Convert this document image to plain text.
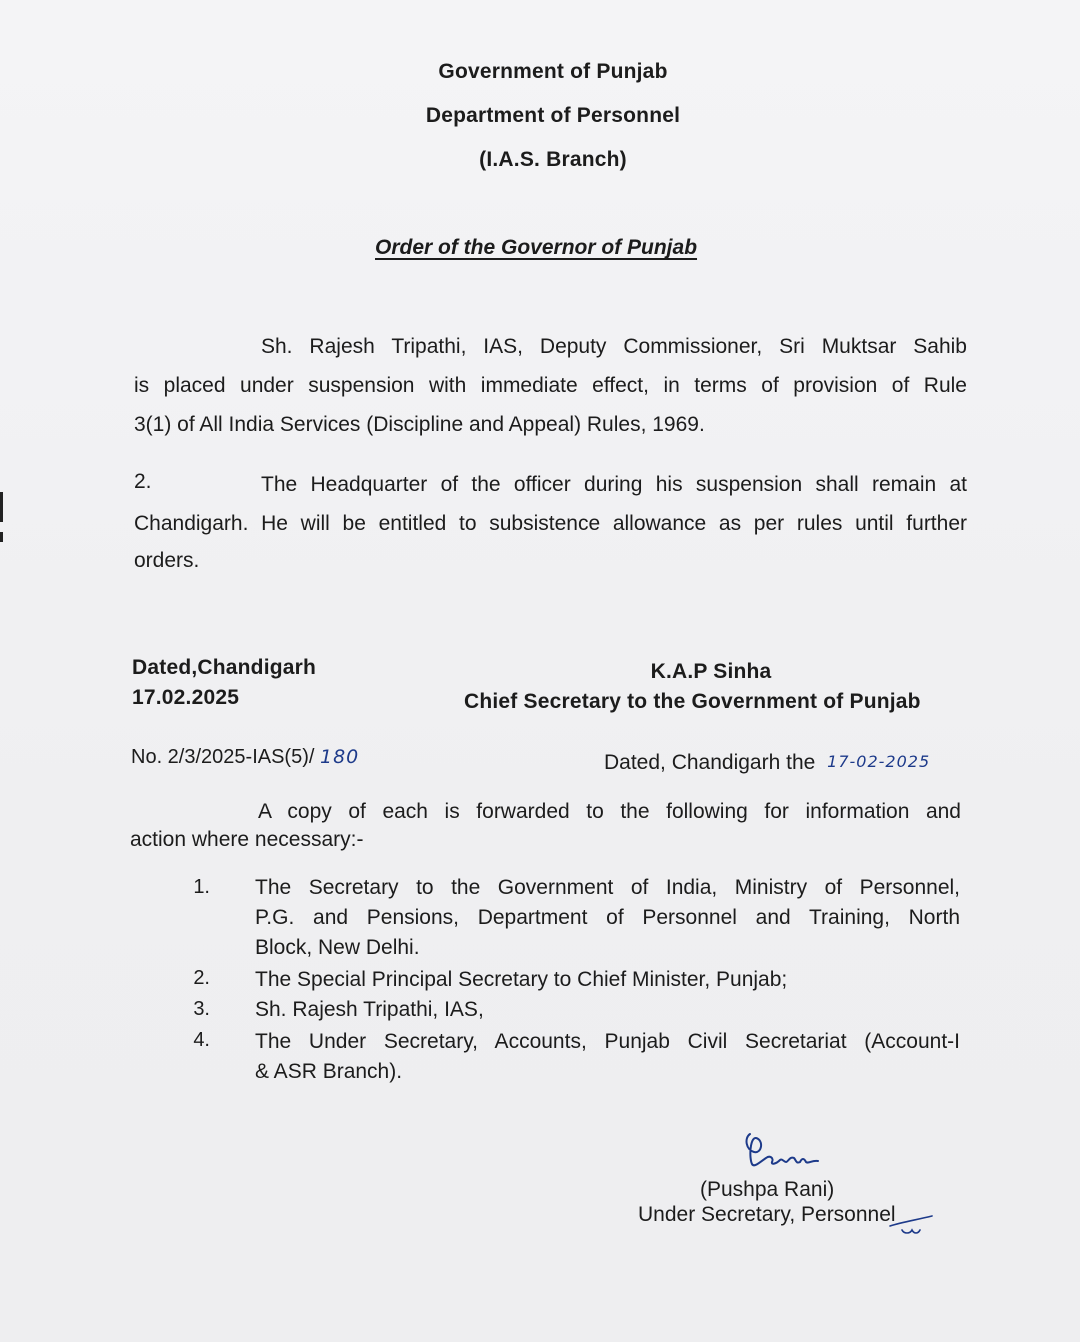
Government of Punjab
Department of Personnel
(I.A.S. Branch)
Order of the Governor of Punjab
Sh. Rajesh Tripathi, IAS, Deputy Commissioner, Sri Muktsar Sahib
is placed under suspension with immediate effect, in terms of provision of Rule
3(1) of All India Services (Discipline and Appeal) Rules, 1969.
2.	The Headquarter of the officer during his suspension shall remain at
Chandigarh. He will be entitled to subsistence allowance as per rules until further
orders.
Dated,Chandigarh
17.02.2025
K.A.P Sinha
Chief Secretary to the Government of Punjab
No. 2/3/2025-IAS(5)/ 180	Dated, Chandigarh the 17-02-2025
A copy of each is forwarded to the following for information and
action where necessary:-
1. The Secretary to the Government of India, Ministry of Personnel,
P.G. and Pensions, Department of Personnel and Training, North
Block, New Delhi.
2. The Special Principal Secretary to Chief Minister, Punjab;
3. Sh. Rajesh Tripathi, IAS,
4. The Under Secretary, Accounts, Punjab Civil Secretariat (Account-I
& ASR Branch).
(Pushpa Rani)
Under Secretary, Personnel
